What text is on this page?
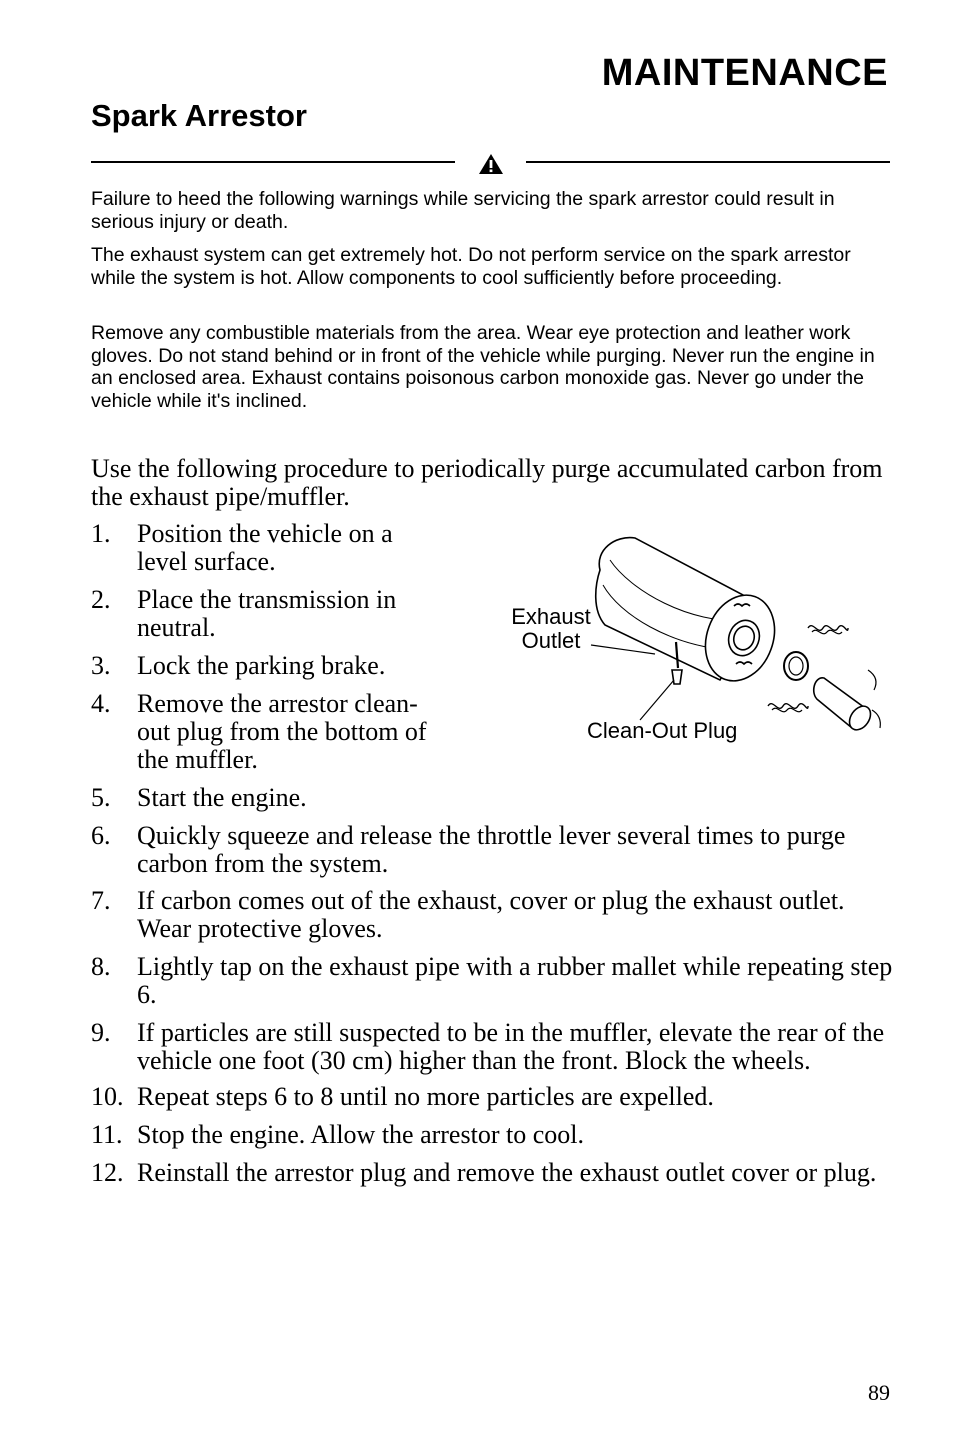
MAINTENANCE
Spark Arrestor
Failure to heed the following warnings while servicing the spark arrestor could result in serious injury or death.
The exhaust system can get extremely hot. Do not perform service on the spark arrestor while the system is hot. Allow components to cool sufficiently before proceeding.
Remove any combustible materials from the area. Wear eye protection and leather work gloves. Do not stand behind or in front of the vehicle while purging. Never run the engine in an enclosed area. Exhaust contains poisonous carbon monoxide gas. Never go under the vehicle while it's inclined.
Use the following procedure to periodically purge accumulated carbon from the exhaust pipe/muffler.
1. Position the vehicle on a level surface.
2. Place the transmission in neutral.
3. Lock the parking brake.
4. Remove the arrestor clean-out plug from the bottom of the muffler.
5. Start the engine.
6. Quickly squeeze and release the throttle lever several times to purge carbon from the system.
7. If carbon comes out of the exhaust, cover or plug the exhaust outlet. Wear protective gloves.
8. Lightly tap on the exhaust pipe with a rubber mallet while repeating step 6.
9. If particles are still suspected to be in the muffler, elevate the rear of the vehicle one foot (30 cm) higher than the front. Block the wheels.
10. Repeat steps 6 to 8 until no more particles are expelled.
11. Stop the engine. Allow the arrestor to cool.
12. Reinstall the arrestor plug and remove the exhaust outlet cover or plug.
Exhaust
Outlet
Clean-Out Plug
89
